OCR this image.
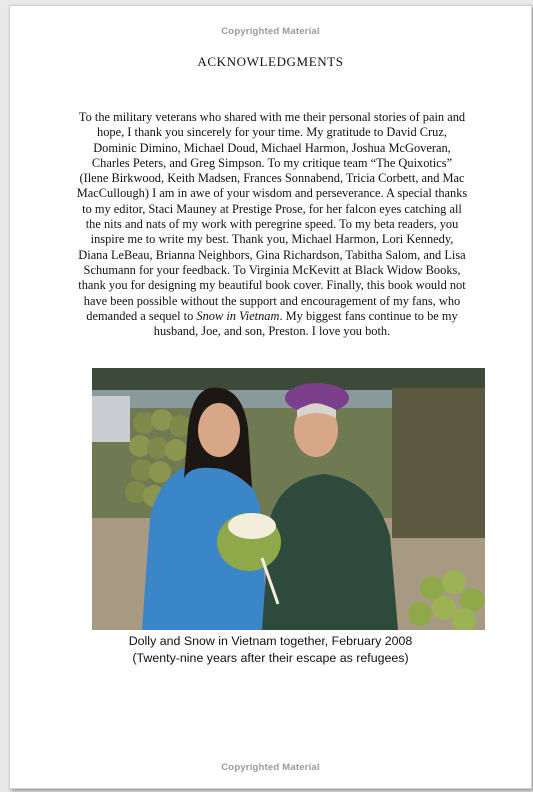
Copyrighted Material
ACKNOWLEDGMENTS
To the military veterans who shared with me their personal stories of pain and hope, I thank you sincerely for your time. My gratitude to David Cruz, Dominic Dimino, Michael Doud, Michael Harmon, Joshua McGoveran, Charles Peters, and Greg Simpson. To my critique team “The Quixotics” (Ilene Birkwood, Keith Madsen, Frances Sonnabend, Tricia Corbett, and Mac MacCullough) I am in awe of your wisdom and perseverance. A special thanks to my editor, Staci Mauney at Prestige Prose, for her falcon eyes catching all the nits and nats of my work with peregrine speed. To my beta readers, you inspire me to write my best. Thank you, Michael Harmon, Lori Kennedy, Diana LeBeau, Brianna Neighbors, Gina Richardson, Tabitha Salom, and Lisa Schumann for your feedback. To Virginia McKevitt at Black Widow Books, thank you for designing my beautiful book cover. Finally, this book would not have been possible without the support and encouragement of my fans, who demanded a sequel to Snow in Vietnam. My biggest fans continue to be my husband, Joe, and son, Preston. I love you both.
Dolly and Snow in Vietnam together, February 2008
(Twenty-nine years after their escape as refugees)
Copyrighted Material
